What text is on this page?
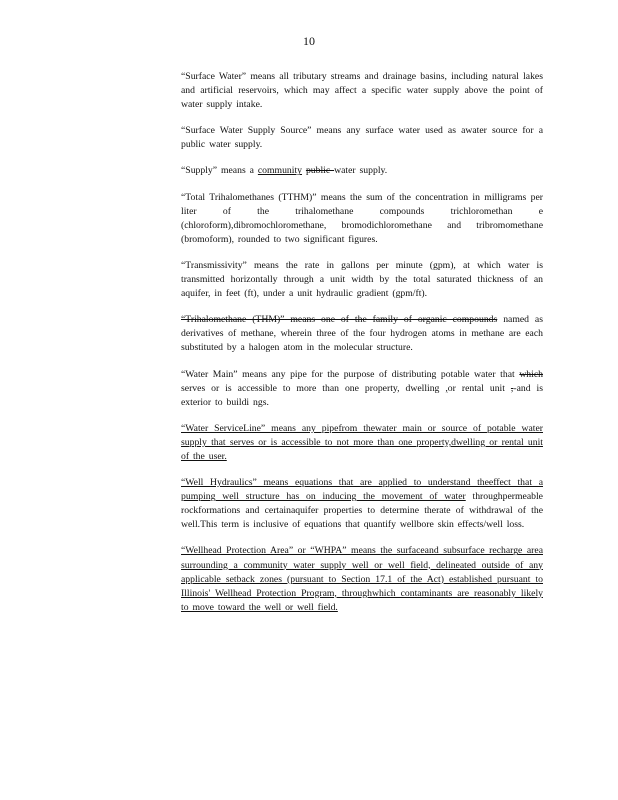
10

“Surface Water” means all tributary streams and drainage basins, including natural lakes and artificial reservoirs, which may affect a specific water supply above the point of water supply intake.

“Surface Water Supply Source” means any surface water used as awater source for a public water supply.

“Supply” means a community public water supply.

“Total Trihalomethanes (TTHM)” means the sum of the concentration in milligrams per liter of the trihalomethane compounds trichloromethan e (chloroform),dibromochloromethane, bromodichloromethane and tribromomethane (bromoform), rounded to two significant figures.

“Transmissivity” means the rate in gallons per minute (gpm), at which water is transmitted horizontally through a unit width by the total saturated thickness of an aquifer, in feet (ft), under a unit hydraulic gradient (gpm/ft).

“Trihalomethane (THM)” means one of the family of organic compounds named as derivatives of methane, wherein three of the four hydrogen atoms in methane are each substituted by a halogen atom in the molecular structure.

“Water Main” means any pipe for the purpose of distributing potable water that which serves or is accessible to more than one property, dwelling ,or rental unit ,-and is exterior to buildi ngs.

“Water ServiceLine” means any pipefrom thewater main or source of potable water supply that serves or is accessible to not more than one property,dwelling or rental unit of the user.

“Well Hydraulics” means equations that are applied to understand theeffect that a pumping well structure has on inducing the movement of water throughpermeable rockformations and certainaquifer properties to determine therate of withdrawal of the well.This term is inclusive of equations that quantify wellbore skin effects/well loss.

“Wellhead Protection Area” or “WHPA” means the surfaceand subsurface recharge area surrounding a community water supply well or well field, delineated outside of any applicable setback zones (pursuant to Section 17.1 of the Act) established pursuant to Illinois' Wellhead Protection Program, throughwhich contaminants are reasonably likely to move toward the well or well field.
